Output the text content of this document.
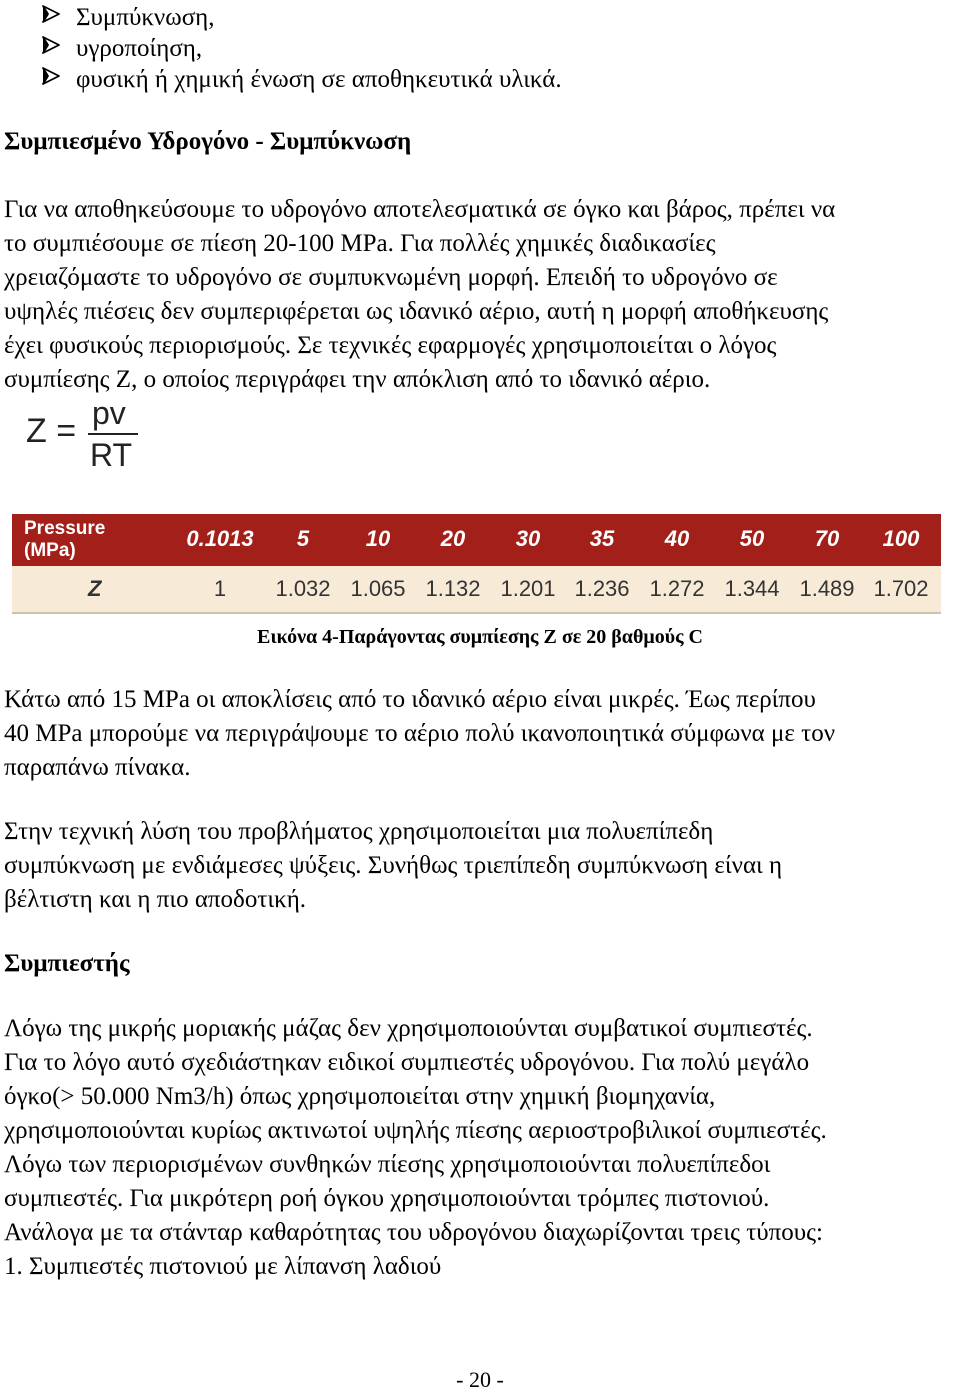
Συμπύκνωση,
υγροποίηση,
φυσική ή χημική ένωση σε αποθηκευτικά υλικά.
Συμπιεσμένο Υδρογόνο - Συμπύκνωση
Για να αποθηκεύσουμε το υδρογόνο αποτελεσματικά σε όγκο και βάρος, πρέπει να
το συμπιέσουμε σε πίεση 20-100 MPa. Για πολλές χημικές διαδικασίες
χρειαζόμαστε το υδρογόνο σε συμπυκνωμένη μορφή. Επειδή το υδρογόνο σε
υψηλές πιέσεις δεν συμπεριφέρεται ως ιδανικό αέριο, αυτή η μορφή αποθήκευσης
έχει φυσικούς περιορισμούς. Σε τεχνικές εφαρμογές χρησιμοποιείται ο λόγος
συμπίεσης Z, ο οποίος περιγράφει την απόκλιση από το ιδανικό αέριο.
Z = pv
RT
Pressure
(MPa)	0.1013	5	10	20	30	35	40	50	70	100
Z	1	1.032 1.065 1.132 1.201 1.236 1.272 1.344 1.489 1.702
Εικόνα 4-Παράγοντας συμπίεσης Z σε 20 βαθμούς C
Κάτω από 15 MPa οι αποκλίσεις από το ιδανικό αέριο είναι μικρές. Έως περίπου
40 MPa μπορούμε να περιγράψουμε το αέριο πολύ ικανοποιητικά σύμφωνα με τον
παραπάνω πίνακα.
Στην τεχνική λύση του προβλήματος χρησιμοποιείται μια πολυεπίπεδη
συμπύκνωση με ενδιάμεσες ψύξεις. Συνήθως τριεπίπεδη συμπύκνωση είναι η
βέλτιστη και η πιο αποδοτική.
Συμπιεστής
Λόγω της μικρής μοριακής μάζας δεν χρησιμοποιούνται συμβατικοί συμπιεστές.
Για το λόγο αυτό σχεδιάστηκαν ειδικοί συμπιεστές υδρογόνου. Για πολύ μεγάλο
όγκο(> 50.000 Nm3/h) όπως χρησιμοποιείται στην χημική βιομηχανία,
χρησιμοποιούνται κυρίως ακτινωτοί υψηλής πίεσης αεριοστροβιλικοί συμπιεστές.
Λόγω των περιορισμένων συνθηκών πίεσης χρησιμοποιούνται πολυεπίπεδοι
συμπιεστές. Για μικρότερη ροή όγκου χρησιμοποιούνται τρόμπες πιστονιού.
Ανάλογα με τα στάνταρ καθαρότητας του υδρογόνου διαχωρίζονται τρεις τύπους:
1. Συμπιεστές πιστονιού με λίπανση λαδιού
- 20 -
